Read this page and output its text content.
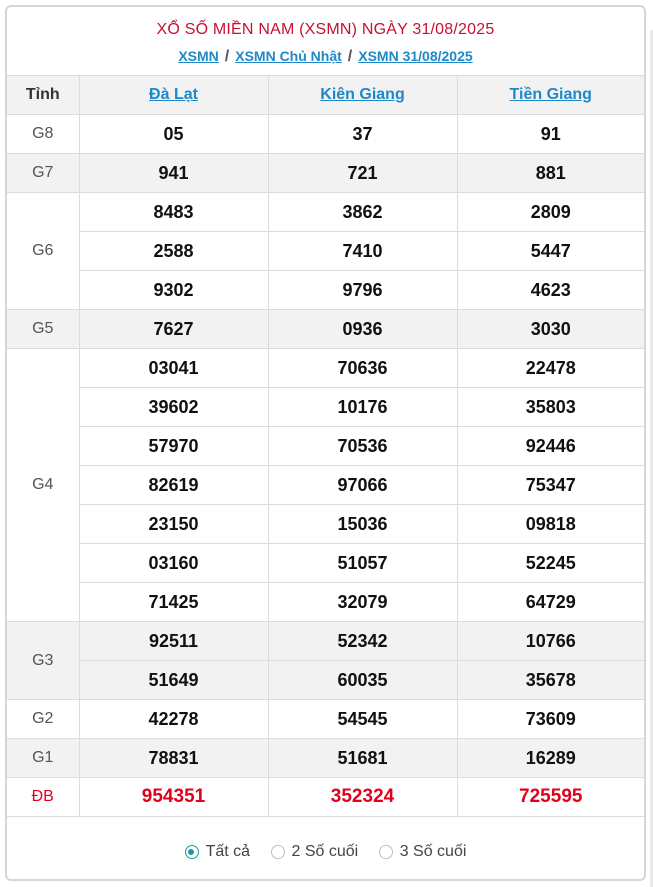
XỔ SỐ MIỀN NAM (XSMN) NGÀY 31/08/2025
XSMN / XSMN Chủ Nhật / XSMN 31/08/2025
Tỉnh	Đà Lạt	Kiên Giang	Tiền Giang
G8	05	37	91
G7	941	721	881
G6	8483	3862	2809
	2588	7410	5447
	9302	9796	4623
G5	7627	0936	3030
G4	03041	70636	22478
	39602	10176	35803
	57970	70536	92446
	82619	97066	75347
	23150	15036	09818
	03160	51057	52245
	71425	32079	64729
G3	92511	52342	10766
	51649	60035	35678
G2	42278	54545	73609
G1	78831	51681	16289
ĐB	954351	352324	725595
Tất cả
	2 Số cuối
	3 Số cuối
